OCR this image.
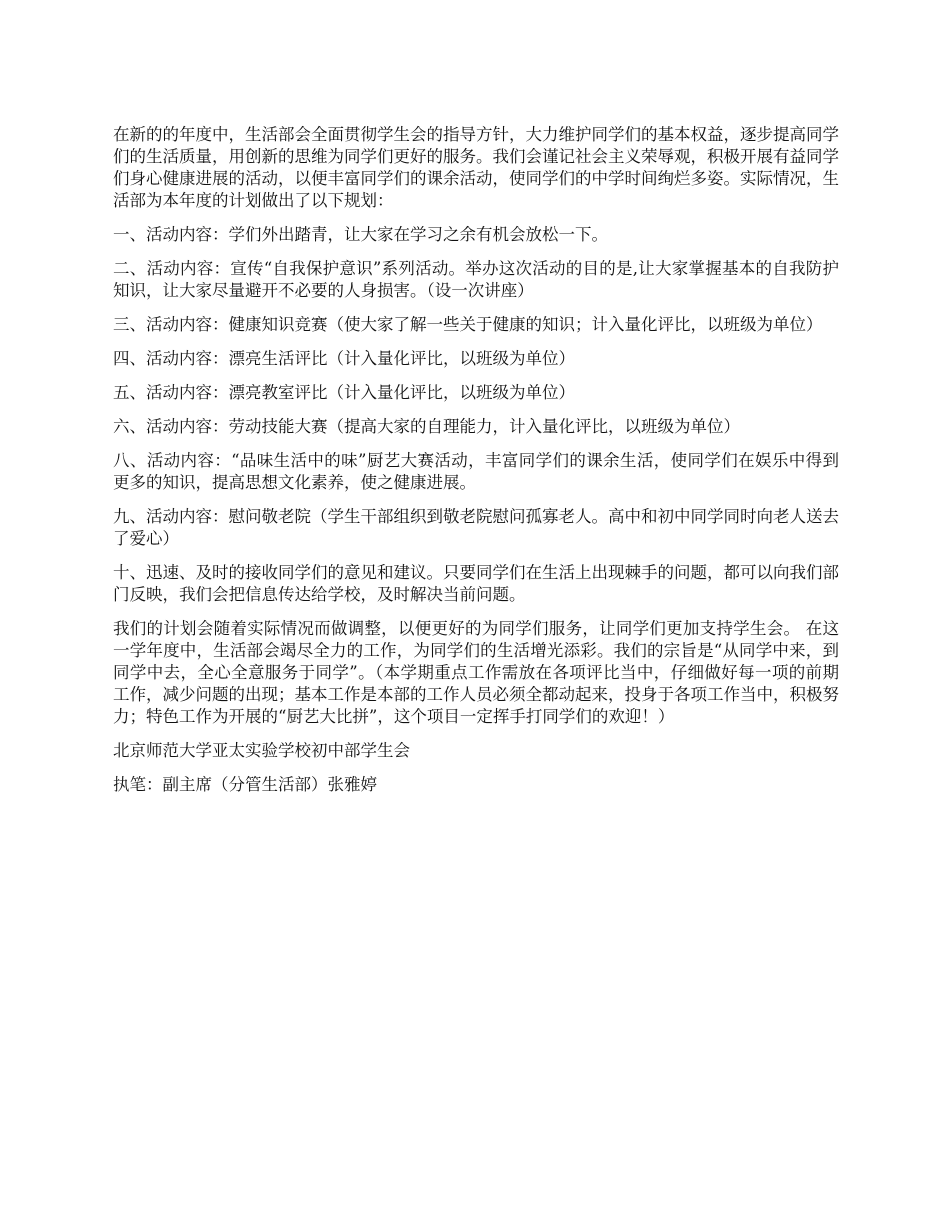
在新的的年度中，生活部会全面贯彻学生会的指导方针，大力维护同学们的基本权益，逐步提高同学们的生活质量，用创新的思维为同学们更好的服务。我们会谨记社会主义荣辱观，积极开展有益同学们身心健康进展的活动，以便丰富同学们的课余活动，使同学们的中学时间绚烂多姿。实际情况，生活部为本年度的计划做出了以下规划：

一、活动内容：学们外出踏青，让大家在学习之余有机会放松一下。

二、活动内容：宣传“自我保护意识”系列活动。举办这次活动的目的是,让大家掌握基本的自我防护知识，让大家尽量避开不必要的人身损害。（设一次讲座）

三、活动内容：健康知识竞赛（使大家了解一些关于健康的知识；计入量化评比，以班级为单位）

四、活动内容：漂亮生活评比（计入量化评比，以班级为单位）

五、活动内容：漂亮教室评比（计入量化评比，以班级为单位）

六、活动内容：劳动技能大赛（提高大家的自理能力，计入量化评比，以班级为单位）

八、活动内容：“品味生活中的味”厨艺大赛活动，丰富同学们的课余生活，使同学们在娱乐中得到更多的知识，提高思想文化素养，使之健康进展。

九、活动内容：慰问敬老院（学生干部组织到敬老院慰问孤寡老人。高中和初中同学同时向老人送去了爱心）

十、迅速、及时的接收同学们的意见和建议。只要同学们在生活上出现棘手的问题，都可以向我们部门反映，我们会把信息传达给学校，及时解决当前问题。

我们的计划会随着实际情况而做调整，以便更好的为同学们服务，让同学们更加支持学生会。 在这一学年度中，生活部会竭尽全力的工作，为同学们的生活增光添彩。我们的宗旨是“从同学中来，到同学中去，全心全意服务于同学”。（本学期重点工作需放在各项评比当中，仔细做好每一项的前期工作，减少问题的出现；基本工作是本部的工作人员必须全都动起来，投身于各项工作当中，积极努力；特色工作为开展的“厨艺大比拼”，这个项目一定挥手打同学们的欢迎！）

北京师范大学亚太实验学校初中部学生会

执笔：副主席（分管生活部）张雅婷
